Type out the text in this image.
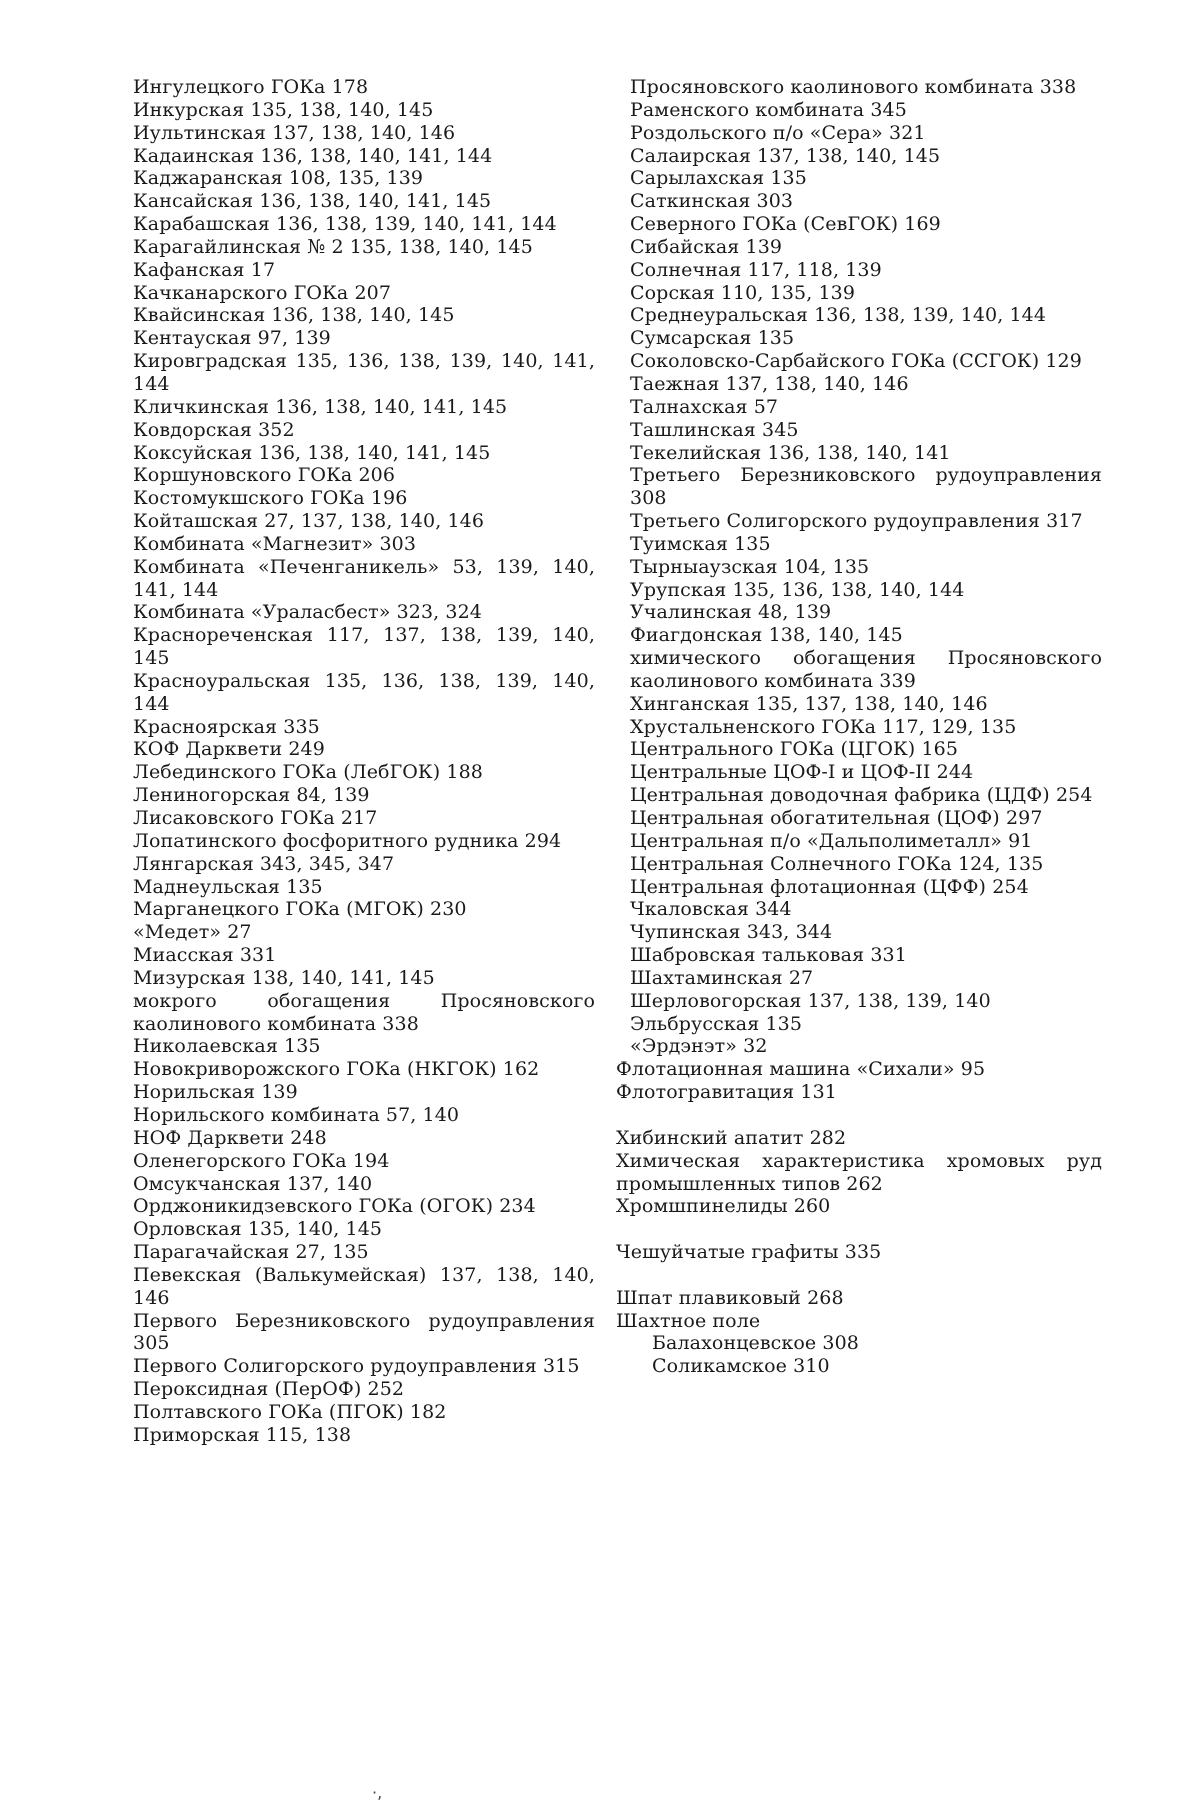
Ингулецкого ГОКа 178
Инкурская 135, 138, 140, 145
Иультинская 137, 138, 140, 146
Кадаинская 136, 138, 140, 141, 144
Каджаранская 108, 135, 139
Кансайская 136, 138, 140, 141, 145
Карабашская 136, 138, 139, 140, 141, 144
Карагайлинская № 2 135, 138, 140, 145
Кафанская 17
Качканарского ГОКа 207
Квайсинская 136, 138, 140, 145
Кентауская 97, 139
Кировградская 135, 136, 138, 139, 140, 141, 144
Кличкинская 136, 138, 140, 141, 145
Ковдорская 352
Коксуйская 136, 138, 140, 141, 145
Коршуновского ГОКа 206
Костомукшского ГОКа 196
Койташская 27, 137, 138, 140, 146
Комбината «Магнезит» 303
Комбината «Печенганикель» 53, 139, 140, 141, 144
Комбината «Ураласбест» 323, 324
Краснореченская 117, 137, 138, 139, 140, 145
Красноуральская 135, 136, 138, 139, 140, 144
Красноярская 335
КОФ Дарквети 249
Лебединского ГОКа (ЛебГОК) 188
Лениногорская 84, 139
Лисаковского ГОКа 217
Лопатинского фосфоритного рудника 294
Лянгарская 343, 345, 347
Маднеульская 135
Марганецкого ГОКа (МГОК) 230
«Медет» 27
Миасская 331
Мизурская 138, 140, 141, 145
мокрого обогащения Просяновского каолинового комбината 338
Николаевская 135
Новокриворожского ГОКа (НКГОК) 162
Норильская 139
Норильского комбината 57, 140
НОФ Дарквети 248
Оленегорского ГОКа 194
Омсукчанская 137, 140
Орджоникидзевского ГОКа (ОГОК) 234
Орловская 135, 140, 145
Парагачайская 27, 135
Певекская (Валькумейская) 137, 138, 140, 146
Первого Березниковского рудоуправления 305
Первого Солигорского рудоуправления 315
Пероксидная (ПерОФ) 252
Полтавского ГОКа (ПГОК) 182
Приморская 115, 138
Просяновского каолинового комбината 338
Раменского комбината 345
Роздольского п/о «Сера» 321
Салаирская 137, 138, 140, 145
Сарылахская 135
Саткинская 303
Северного ГОКа (СевГОК) 169
Сибайская 139
Солнечная 117, 118, 139
Сорская 110, 135, 139
Среднеуральская 136, 138, 139, 140, 144
Сумсарская 135
Соколовско-Сарбайского ГОКа (ССГОК) 129
Таежная 137, 138, 140, 146
Талнахская 57
Ташлинская 345
Текелийская 136, 138, 140, 141
Третьего Березниковского рудоуправления 308
Третьего Солигорского рудоуправления 317
Туимская 135
Тырныаузская 104, 135
Урупская 135, 136, 138, 140, 144
Учалинская 48, 139
Фиагдонская 138, 140, 145
химического обогащения Просяновского каолинового комбината 339
Хинганская 135, 137, 138, 140, 146
Хрустальненского ГОКа 117, 129, 135
Центрального ГОКа (ЦГОК) 165
Центральные ЦОФ-I и ЦОФ-II 244
Центральная доводочная фабрика (ЦДФ) 254
Центральная обогатительная (ЦОФ) 297
Центральная п/о «Дальполиметалл» 91
Центральная Солнечного ГОКа 124, 135
Центральная флотационная (ЦФФ) 254
Чкаловская 344
Чупинская 343, 344
Шабровская тальковая 331
Шахтаминская 27
Шерловогорская 137, 138, 139, 140
Эльбрусская 135
«Эрдэнэт» 32
Флотационная машина «Сихали» 95
Флотогравитация 131
Хибинский апатит 282
Химическая характеристика хромовых руд промышленных типов 262
Хромшпинелиды 260
Чешуйчатые графиты 335
Шпат плавиковый 268
Шахтное поле
Балахонцевское 308
Соликамское 310
·,
